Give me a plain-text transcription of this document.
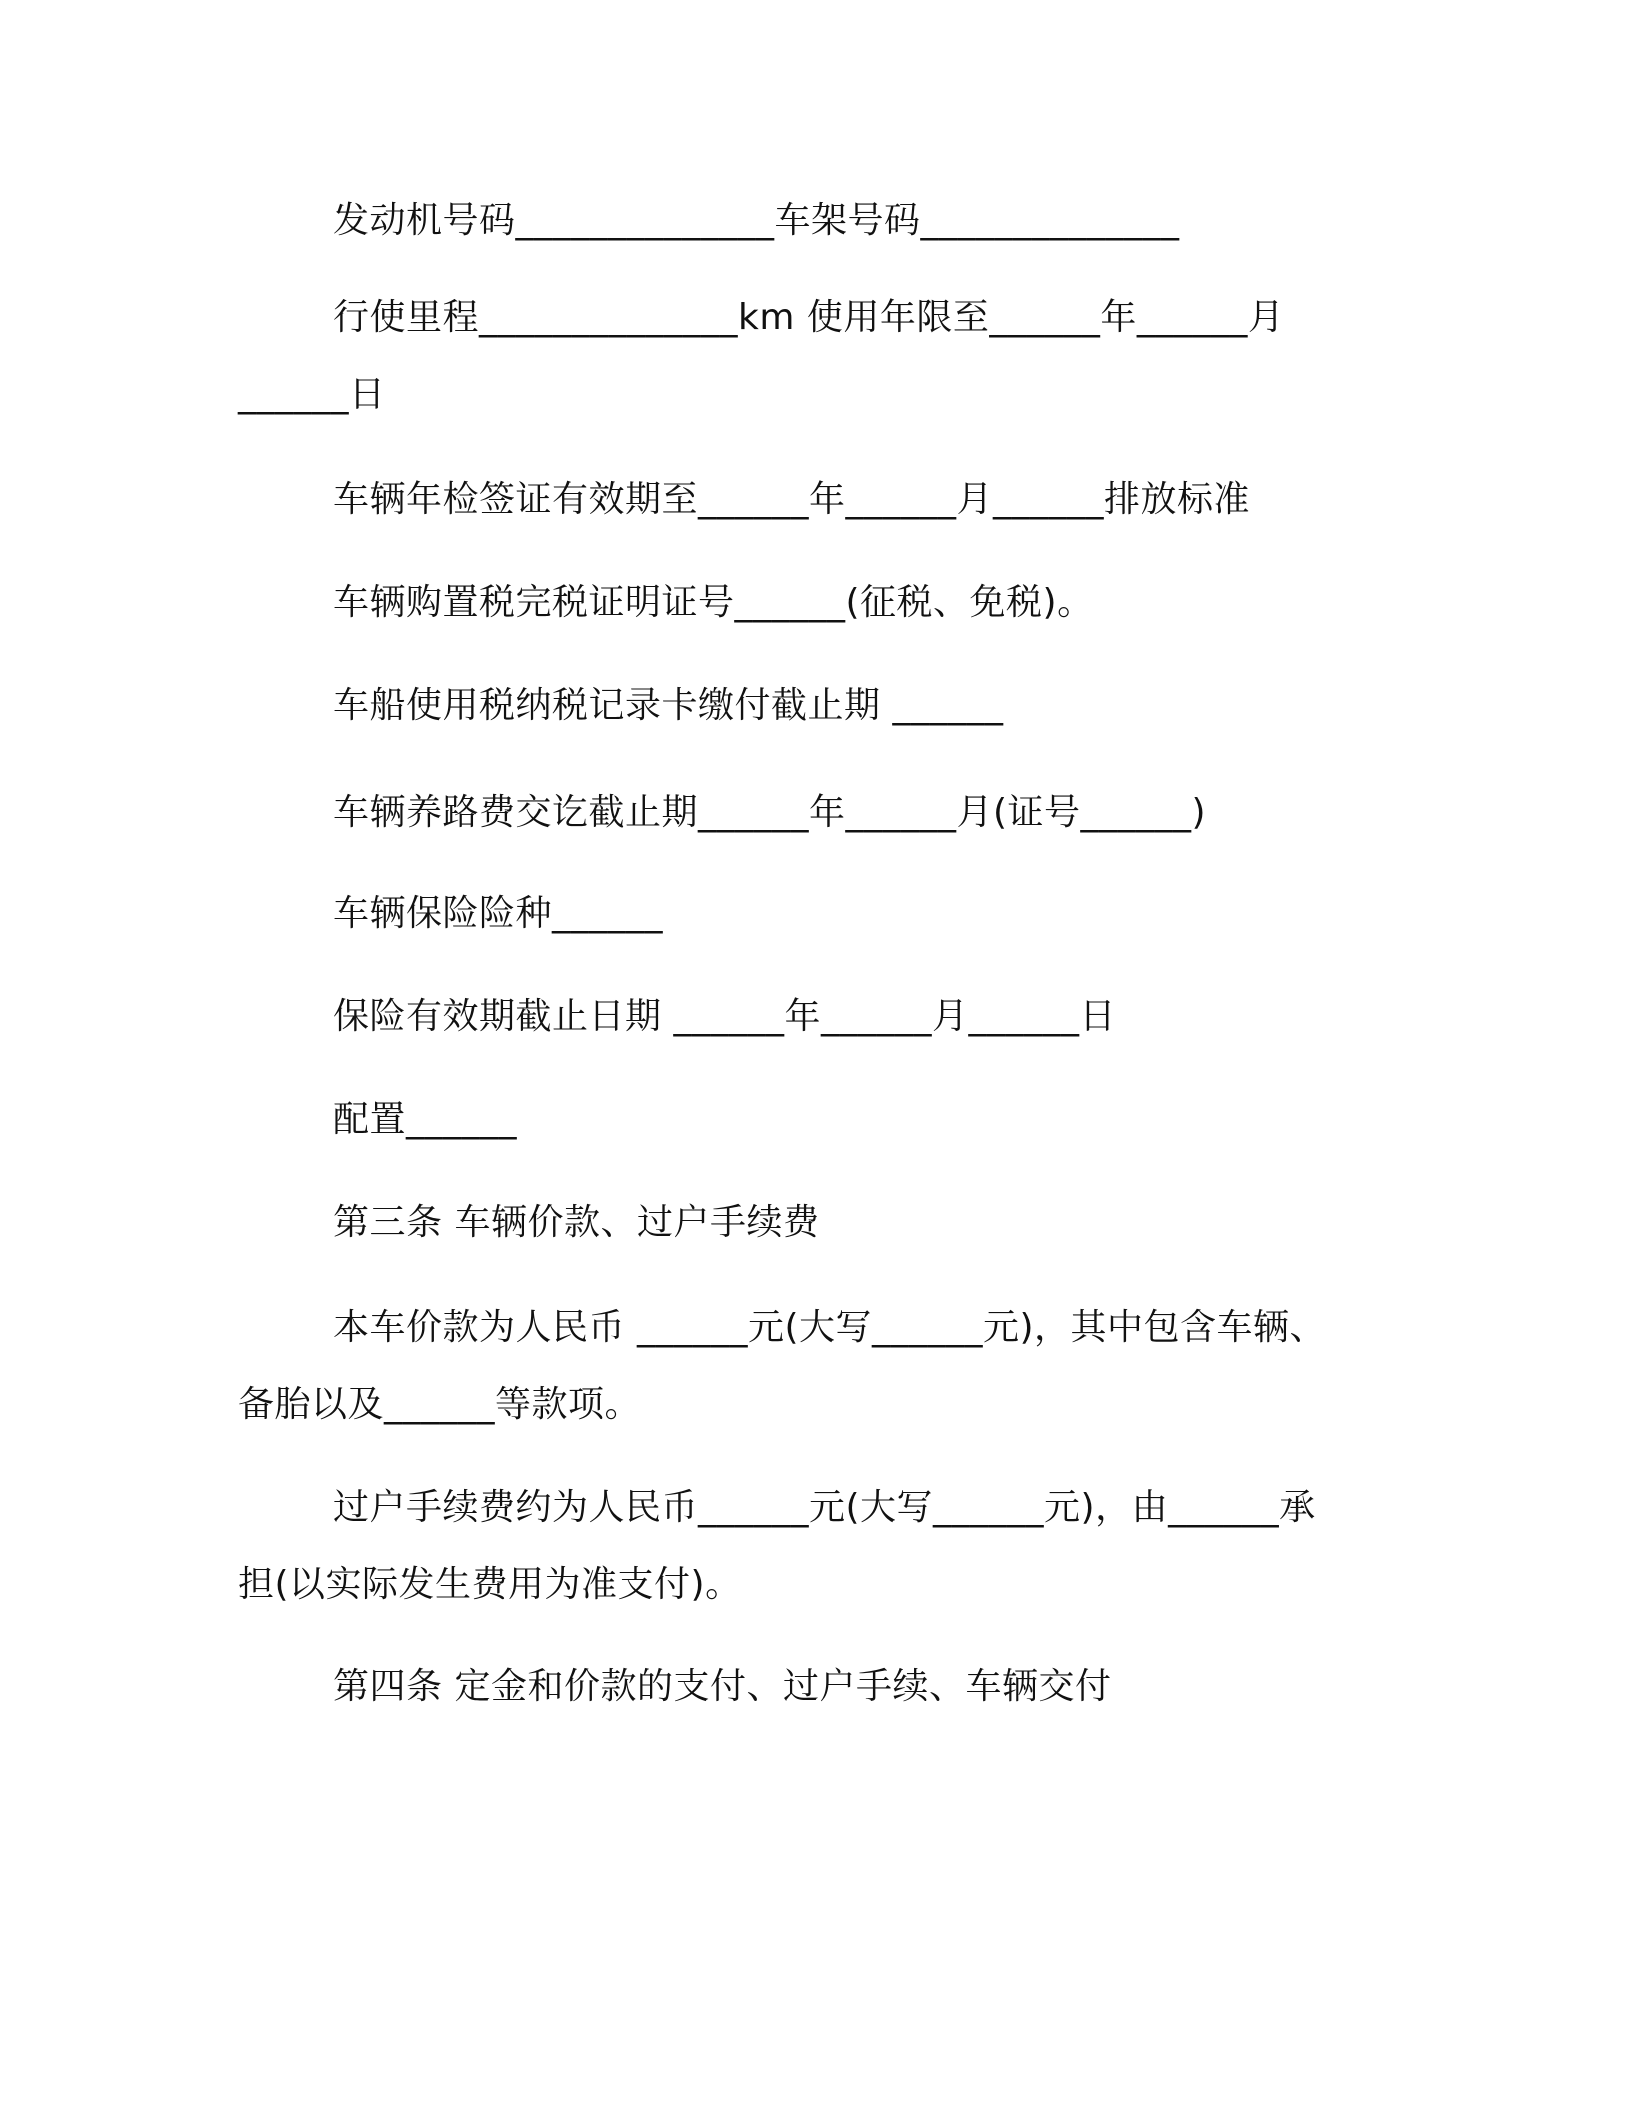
发动机号码______________车架号码______________
行使里程______________km 使用年限至______年______月
______日
车辆年检签证有效期至______年______月______排放标准
车辆购置税完税证明证号______(征税、免税)。
车船使用税纳税记录卡缴付截止期 ______
车辆养路费交讫截止期______年______月(证号______)
车辆保险险种______
保险有效期截止日期 ______年______月______日
配置______
第三条 车辆价款、过户手续费
本车价款为人民币 ______元(大写______元)，其中包含车辆、
备胎以及______等款项。
过户手续费约为人民币______元(大写______元)，由______承
担(以实际发生费用为准支付)。
第四条 定金和价款的支付、过户手续、车辆交付
